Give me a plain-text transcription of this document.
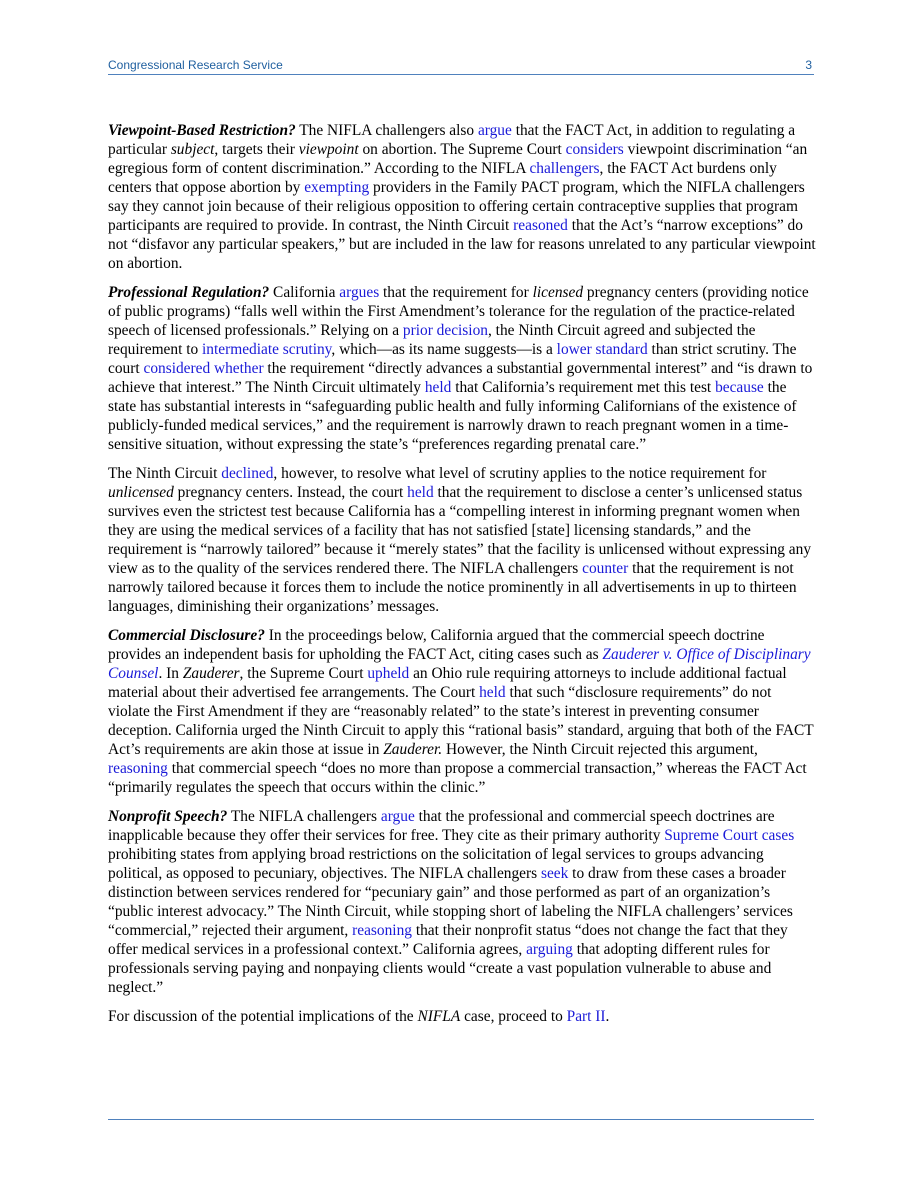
Congressional Research Service	3

Viewpoint-Based Restriction? The NIFLA challengers also argue that the FACT Act, in addition to regulating a particular subject, targets their viewpoint on abortion. The Supreme Court considers viewpoint discrimination “an egregious form of content discrimination.” According to the NIFLA challengers, the FACT Act burdens only centers that oppose abortion by exempting providers in the Family PACT program, which the NIFLA challengers say they cannot join because of their religious opposition to offering certain contraceptive supplies that program participants are required to provide. In contrast, the Ninth Circuit reasoned that the Act’s “narrow exceptions” do not “disfavor any particular speakers,” but are included in the law for reasons unrelated to any particular viewpoint on abortion.

Professional Regulation? California argues that the requirement for licensed pregnancy centers (providing notice of public programs) “falls well within the First Amendment’s tolerance for the regulation of the practice-related speech of licensed professionals.” Relying on a prior decision, the Ninth Circuit agreed and subjected the requirement to intermediate scrutiny, which—as its name suggests—is a lower standard than strict scrutiny. The court considered whether the requirement “directly advances a substantial governmental interest” and “is drawn to achieve that interest.” The Ninth Circuit ultimately held that California’s requirement met this test because the state has substantial interests in “safeguarding public health and fully informing Californians of the existence of publicly-funded medical services,” and the requirement is narrowly drawn to reach pregnant women in a time-sensitive situation, without expressing the state’s “preferences regarding prenatal care.”

The Ninth Circuit declined, however, to resolve what level of scrutiny applies to the notice requirement for unlicensed pregnancy centers. Instead, the court held that the requirement to disclose a center’s unlicensed status survives even the strictest test because California has a “compelling interest in informing pregnant women when they are using the medical services of a facility that has not satisfied [state] licensing standards,” and the requirement is “narrowly tailored” because it “merely states” that the facility is unlicensed without expressing any view as to the quality of the services rendered there. The NIFLA challengers counter that the requirement is not narrowly tailored because it forces them to include the notice prominently in all advertisements in up to thirteen languages, diminishing their organizations’ messages.

Commercial Disclosure? In the proceedings below, California argued that the commercial speech doctrine provides an independent basis for upholding the FACT Act, citing cases such as Zauderer v. Office of Disciplinary Counsel. In Zauderer, the Supreme Court upheld an Ohio rule requiring attorneys to include additional factual material about their advertised fee arrangements. The Court held that such “disclosure requirements” do not violate the First Amendment if they are “reasonably related” to the state’s interest in preventing consumer deception. California urged the Ninth Circuit to apply this “rational basis” standard, arguing that both of the FACT Act’s requirements are akin those at issue in Zauderer. However, the Ninth Circuit rejected this argument, reasoning that commercial speech “does no more than propose a commercial transaction,” whereas the FACT Act “primarily regulates the speech that occurs within the clinic.”

Nonprofit Speech? The NIFLA challengers argue that the professional and commercial speech doctrines are inapplicable because they offer their services for free. They cite as their primary authority Supreme Court cases prohibiting states from applying broad restrictions on the solicitation of legal services to groups advancing political, as opposed to pecuniary, objectives. The NIFLA challengers seek to draw from these cases a broader distinction between services rendered for “pecuniary gain” and those performed as part of an organization’s “public interest advocacy.” The Ninth Circuit, while stopping short of labeling the NIFLA challengers’ services “commercial,” rejected their argument, reasoning that their nonprofit status “does not change the fact that they offer medical services in a professional context.” California agrees, arguing that adopting different rules for professionals serving paying and nonpaying clients would “create a vast population vulnerable to abuse and neglect.”

For discussion of the potential implications of the NIFLA case, proceed to Part II.
